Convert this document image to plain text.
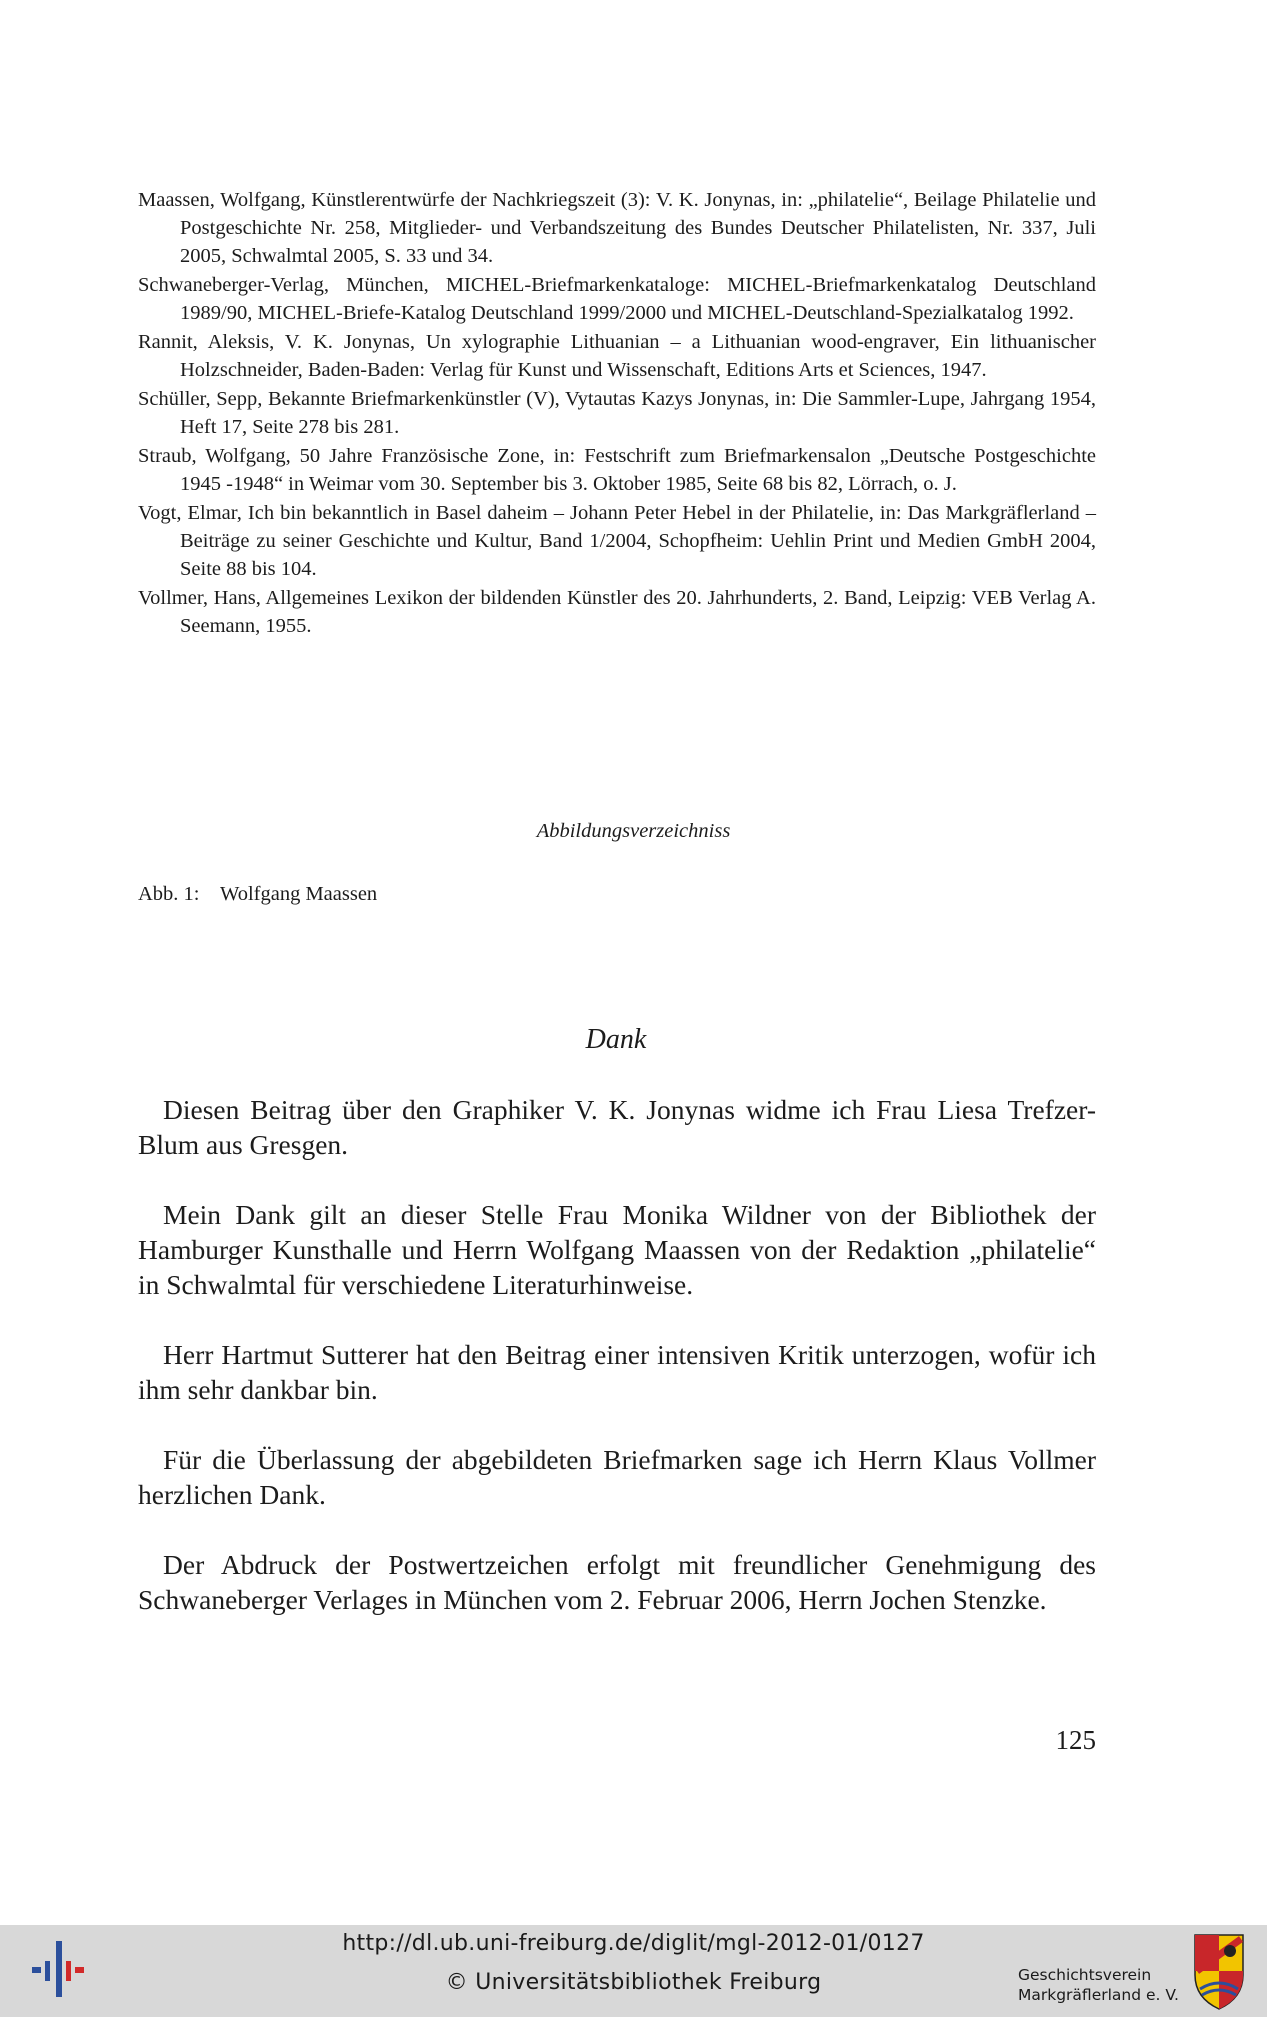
Maassen, Wolfgang, Künstlerentwürfe der Nachkriegszeit (3): V. K. Jonynas, in: „philatelie“, Beilage Philatelie und Postgeschichte Nr. 258, Mitglieder- und Verbandszeitung des Bundes Deutscher Philatelisten, Nr. 337, Juli 2005, Schwalmtal 2005, S. 33 und 34.

Schwaneberger-Verlag, München, MICHEL-Briefmarkenkataloge: MICHEL-Briefmarkenkatalog Deutschland 1989/90, MICHEL-Briefe-Katalog Deutschland 1999/2000 und MICHEL-Deutschland-Spezialkatalog 1992.

Rannit, Aleksis, V. K. Jonynas, Un xylographie Lithuanian – a Lithuanian wood-engraver, Ein lithuanischer Holzschneider, Baden-Baden: Verlag für Kunst und Wissenschaft, Editions Arts et Sciences, 1947.

Schüller, Sepp, Bekannte Briefmarkenkünstler (V), Vytautas Kazys Jonynas, in: Die Sammler-Lupe, Jahrgang 1954, Heft 17, Seite 278 bis 281.

Straub, Wolfgang, 50 Jahre Französische Zone, in: Festschrift zum Briefmarkensalon „Deutsche Postgeschichte 1945 -1948“ in Weimar vom 30. September bis 3. Oktober 1985, Seite 68 bis 82, Lörrach, o. J.

Vogt, Elmar, Ich bin bekanntlich in Basel daheim – Johann Peter Hebel in der Philatelie, in: Das Markgräflerland – Beiträge zu seiner Geschichte und Kultur, Band 1/2004, Schopfheim: Uehlin Print und Medien GmbH 2004, Seite 88 bis 104.

Vollmer, Hans, Allgemeines Lexikon der bildenden Künstler des 20. Jahrhunderts, 2. Band, Leipzig: VEB Verlag A. Seemann, 1955.

Abbildungsverzeichniss
Abb. 1: Wolfgang Maassen
Dank

Diesen Beitrag über den Graphiker V. K. Jonynas widme ich Frau Liesa Trefzer-Blum aus Gresgen.

Mein Dank gilt an dieser Stelle Frau Monika Wildner von der Bibliothek der Hamburger Kunsthalle und Herrn Wolfgang Maassen von der Redaktion „philatelie“ in Schwalmtal für verschiedene Literaturhinweise.

Herr Hartmut Sutterer hat den Beitrag einer intensiven Kritik unterzogen, wofür ich ihm sehr dankbar bin.

Für die Überlassung der abgebildeten Briefmarken sage ich Herrn Klaus Vollmer herzlichen Dank.

Der Abdruck der Postwertzeichen erfolgt mit freundlicher Genehmigung des Schwaneberger Verlages in München vom 2. Februar 2006, Herrn Jochen Stenzke.

125
http://dl.ub.uni-freiburg.de/diglit/mgl-2012-01/0127
© Universitätsbibliothek Freiburg	Geschichtsverein
Markgräflerland e. V.
